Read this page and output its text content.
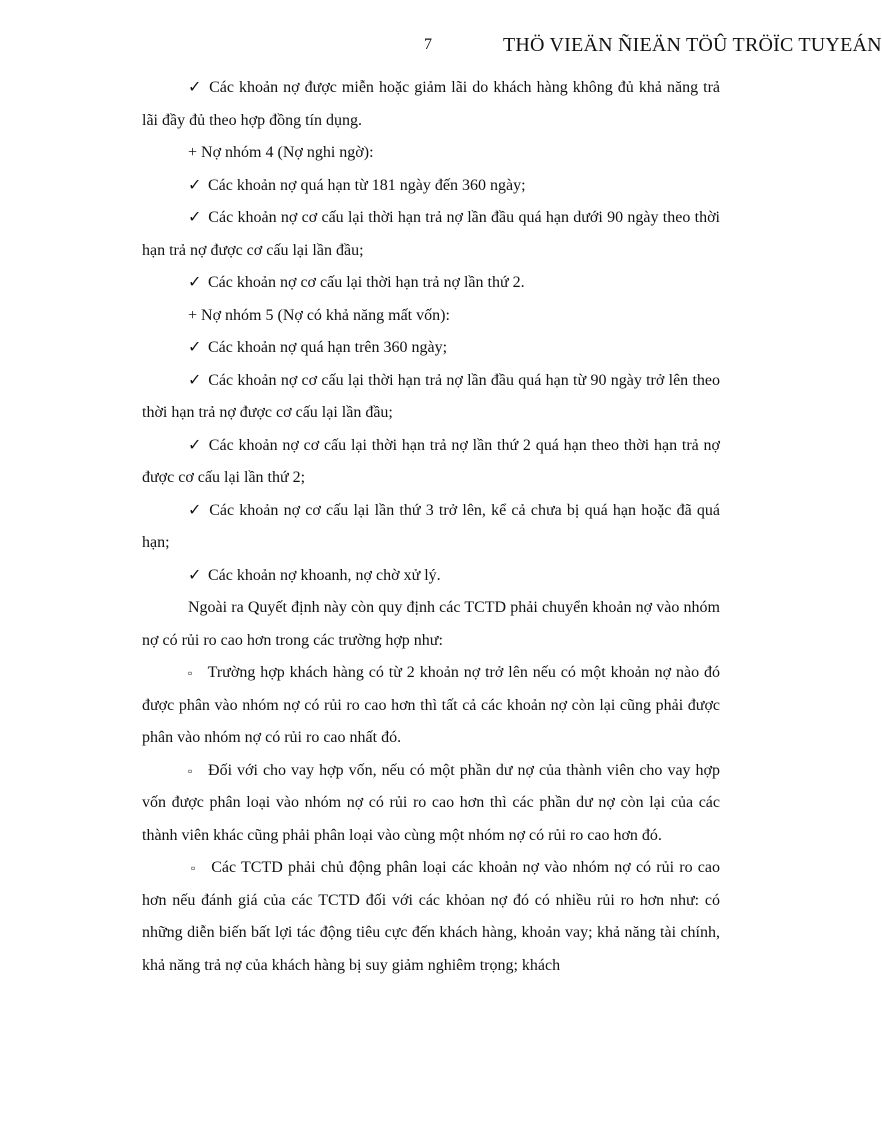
7	THÖ VIEÄN ÑIEÄN TÖÛ TRÖÏC TUYEÁN

✓ Các khoản nợ được miễn hoặc giảm lãi do khách hàng không đủ khả năng trả lãi đầy đủ theo hợp đồng tín dụng.

+ Nợ nhóm 4 (Nợ nghi ngờ):

✓ Các khoản nợ quá hạn từ 181 ngày đến 360 ngày;

✓ Các khoản nợ cơ cấu lại thời hạn trả nợ lần đầu quá hạn dưới 90 ngày theo thời hạn trả nợ được cơ cấu lại lần đầu;

✓ Các khoản nợ cơ cấu lại thời hạn trả nợ lần thứ 2.

+ Nợ nhóm 5 (Nợ có khả năng mất vốn):

✓ Các khoản nợ quá hạn trên 360 ngày;

✓ Các khoản nợ cơ cấu lại thời hạn trả nợ lần đầu quá hạn từ 90 ngày trở lên theo thời hạn trả nợ được cơ cấu lại lần đầu;

✓ Các khoản nợ cơ cấu lại thời hạn trả nợ lần thứ 2 quá hạn theo thời hạn trả nợ được cơ cấu lại lần thứ 2;

✓ Các khoản nợ cơ cấu lại lần thứ 3 trở lên, kể cả chưa bị quá hạn hoặc đã quá hạn;

✓ Các khoản nợ khoanh, nợ chờ xử lý.

Ngoài ra Quyết định này còn quy định các TCTD phải chuyển khoản nợ vào nhóm nợ có rủi ro cao hơn trong các trường hợp như:

▫ Trường hợp khách hàng có từ 2 khoản nợ trở lên nếu có một khoản nợ nào đó được phân vào nhóm nợ có rủi ro cao hơn thì tất cả các khoản nợ còn lại cũng phải được phân vào nhóm nợ có rủi ro cao nhất đó.

▫ Đối với cho vay hợp vốn, nếu có một phần dư nợ của thành viên cho vay hợp vốn được phân loại vào nhóm nợ có rủi ro cao hơn thì các phần dư nợ còn lại của các thành viên khác cũng phải phân loại vào cùng một nhóm nợ có rủi ro cao hơn đó.

▫ Các TCTD phải chủ động phân loại các khoản nợ vào nhóm nợ có rủi ro cao hơn nếu đánh giá của các TCTD đối với các khỏan nợ đó có nhiều rủi ro hơn như: có những diễn biến bất lợi tác động tiêu cực đến khách hàng, khoản vay; khả năng tài chính, khả năng trả nợ của khách hàng bị suy giảm nghiêm trọng; khách
